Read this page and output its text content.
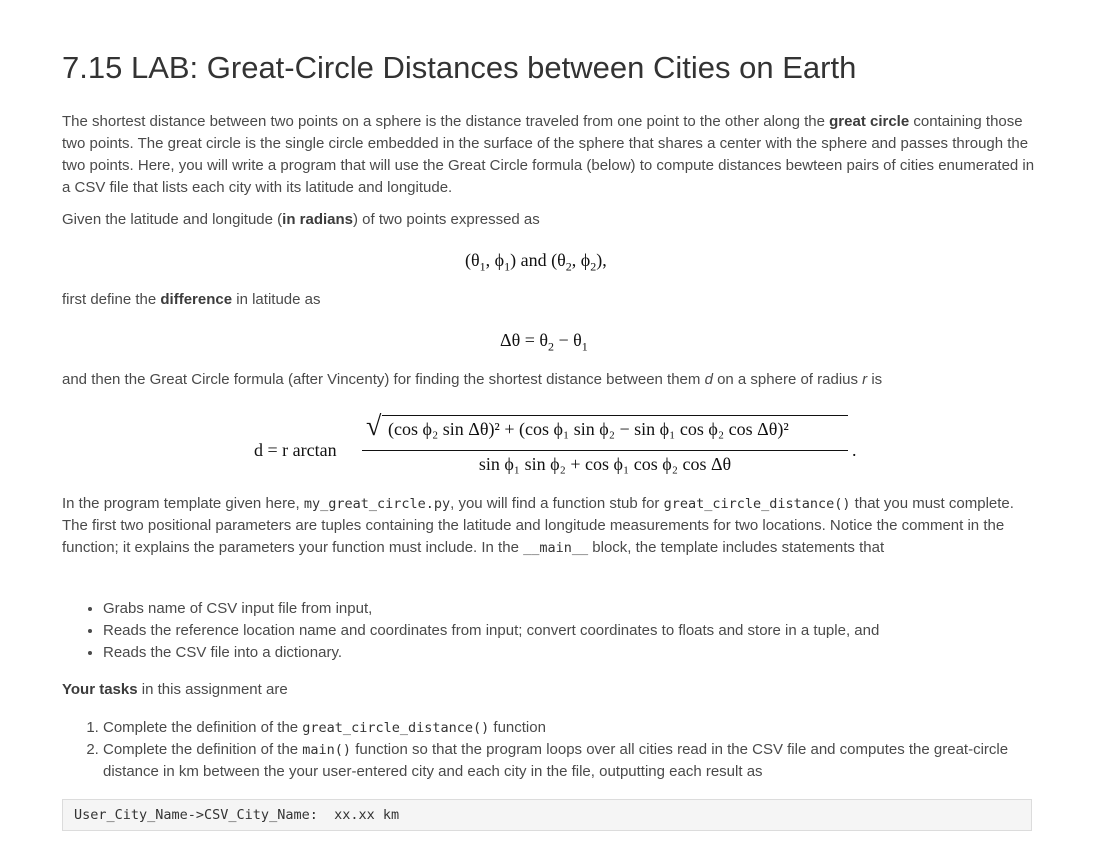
7.15 LAB: Great-Circle Distances between Cities on Earth

The shortest distance between two points on a sphere is the distance traveled from one point to the other along the great circle containing those two points. The great circle is the single circle embedded in the surface of the sphere that shares a center with the sphere and passes through the two points. Here, you will write a program that will use the Great Circle formula (below) to compute distances bewteen pairs of cities enumerated in a CSV file that lists each city with its latitude and longitude.

Given the latitude and longitude (in radians) of two points expressed as

($\theta_1$, $\phi_1$) and ($\theta_2$, $\phi_2$),

first define the difference in latitude as

$\Delta\theta = \theta_2 - \theta_1$

and then the Great Circle formula (after Vincenty) for finding the shortest distance between them d on a sphere of radius r is

d = r arctan
√ (cos ϕ₂ sin Δθ)² + (cos ϕ₁ sin ϕ₂ − sin ϕ₁ cos ϕ₂ cos Δθ)²
sin ϕ₁ sin ϕ₂ + cos ϕ₁ cos ϕ₂ cos Δθ
.

In the program template given here, my_great_circle.py, you will find a function stub for great_circle_distance() that you must complete. The first two positional parameters are tuples containing the latitude and longitude measurements for two locations. Notice the comment in the function; it explains the parameters your function must include. In the __main__ block, the template includes statements that

• Grabs name of CSV input file from input,
• Reads the reference location name and coordinates from input; convert coordinates to floats and store in a tuple, and
• Reads the CSV file into a dictionary.

Your tasks in this assignment are

1. Complete the definition of the great_circle_distance() function
2. Complete the definition of the main() function so that the program loops over all cities read in the CSV file and computes the great-circle distance in km between the your user-entered city and each city in the file, outputting each result as
User_City_Name->CSV_City_Name:  xx.xx km
